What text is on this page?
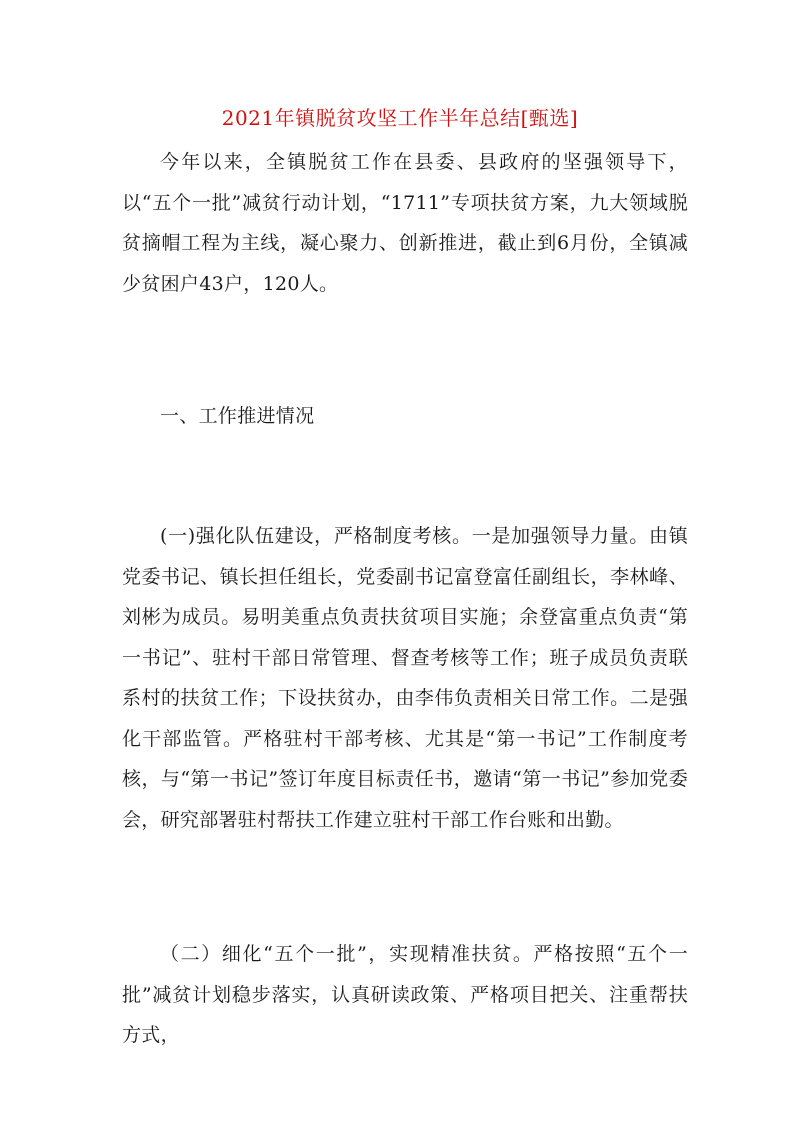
2021年镇脱贫攻坚工作半年总结[甄选]

今年以来，全镇脱贫工作在县委、县政府的坚强领导下，以“五个一批”减贫行动计划，“1711”专项扶贫方案，九大领域脱贫摘帽工程为主线，凝心聚力、创新推进，截止到6月份，全镇减少贫困户43户，120人。

一、工作推进情况

(一)强化队伍建设，严格制度考核。一是加强领导力量。由镇党委书记、镇长担任组长，党委副书记富登富任副组长，李林峰、刘彬为成员。易明美重点负责扶贫项目实施；余登富重点负责“第一书记”、驻村干部日常管理、督查考核等工作；班子成员负责联系村的扶贫工作；下设扶贫办，由李伟负责相关日常工作。二是强化干部监管。严格驻村干部考核、尤其是“第一书记”工作制度考核，与“第一书记”签订年度目标责任书，邀请“第一书记”参加党委会，研究部署驻村帮扶工作建立驻村干部工作台账和出勤。

（二）细化“五个一批”，实现精准扶贫。严格按照“五个一批”减贫计划稳步落实，认真研读政策、严格项目把关、注重帮扶方式，
